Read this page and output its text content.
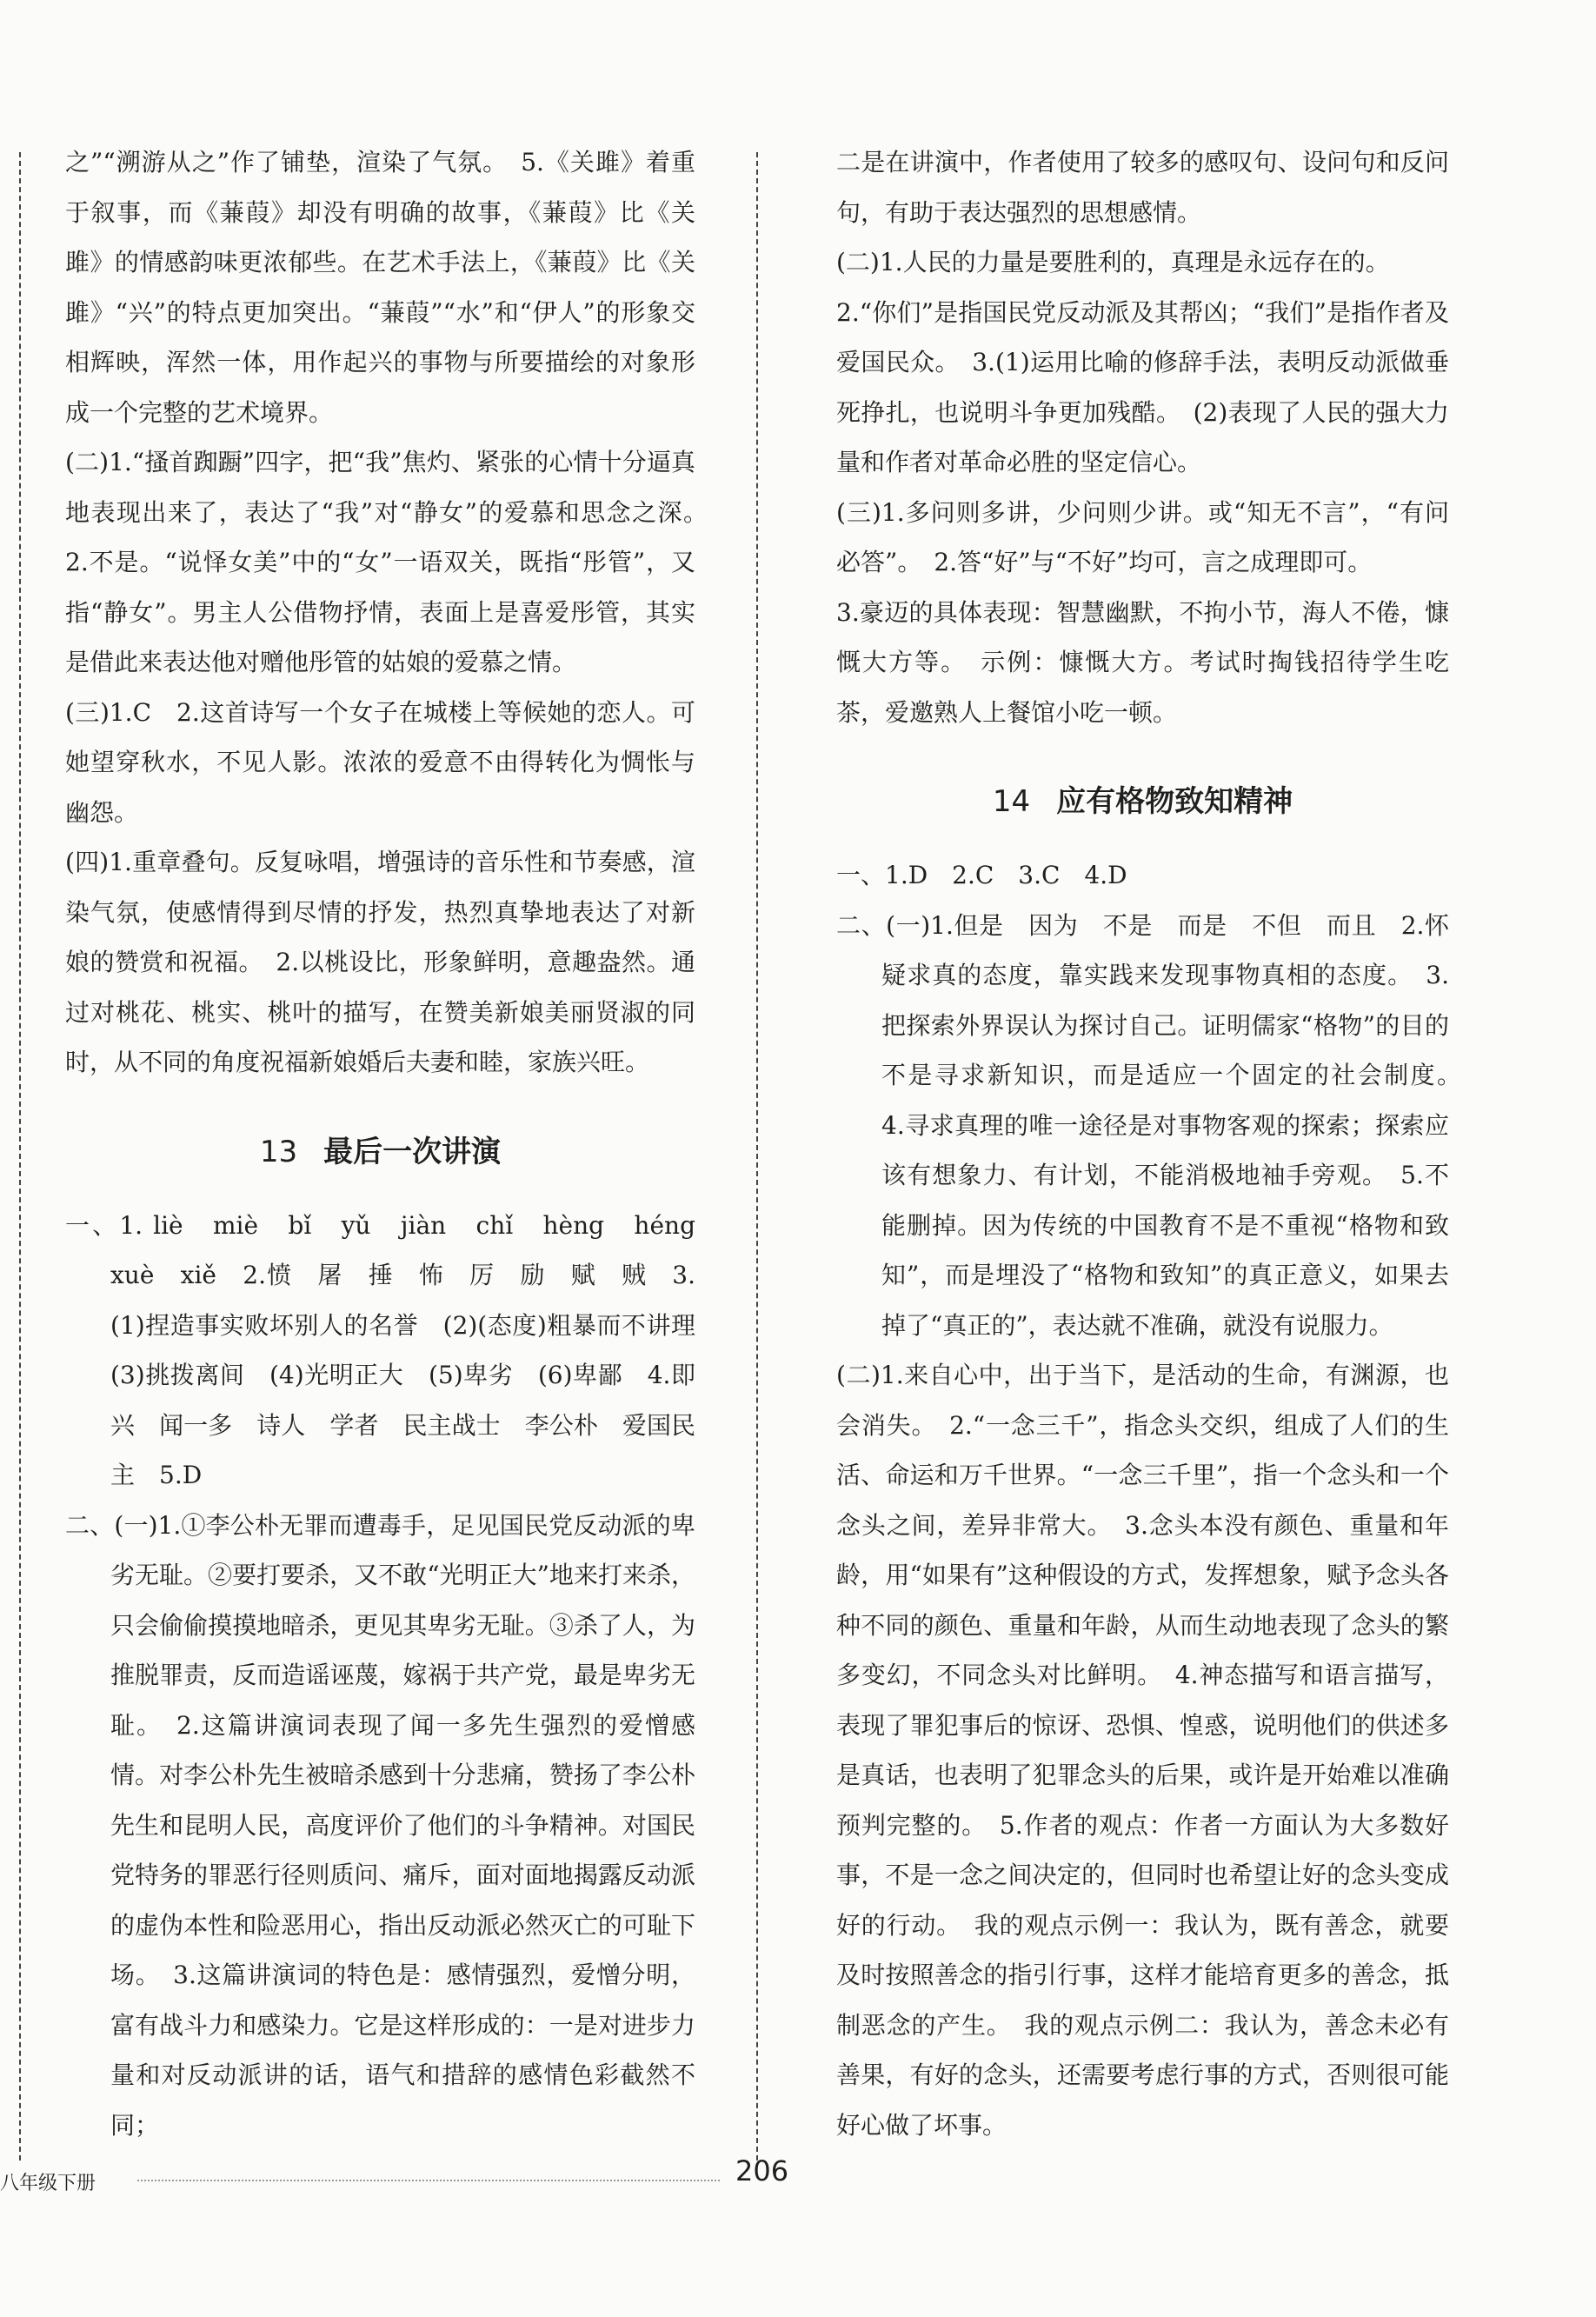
之”“溯游从之”作了铺垫，渲染了气氛。　5.《关雎》着重于叙事，而《蒹葭》却没有明确的故事，《蒹葭》比《关雎》的情感韵味更浓郁些。在艺术手法上，《蒹葭》比《关雎》“兴”的特点更加突出。“蒹葭”“水”和“伊人”的形象交相辉映，浑然一体，用作起兴的事物与所要描绘的对象形成一个完整的艺术境界。

(二)1.“搔首踟蹰”四字，把“我”焦灼、紧张的心情十分逼真地表现出来了，表达了“我”对“静女”的爱慕和思念之深。　2.不是。“说怿女美”中的“女”一语双关，既指“彤管”，又指“静女”。男主人公借物抒情，表面上是喜爱彤管，其实是借此来表达他对赠他彤管的姑娘的爱慕之情。

(三)1.C　2.这首诗写一个女子在城楼上等候她的恋人。可她望穿秋水，不见人影。浓浓的爱意不由得转化为惆怅与幽怨。

(四)1.重章叠句。反复咏唱，增强诗的音乐性和节奏感，渲染气氛，使感情得到尽情的抒发，热烈真挚地表达了对新娘的赞赏和祝福。　2.以桃设比，形象鲜明，意趣盎然。通过对桃花、桃实、桃叶的描写，在赞美新娘美丽贤淑的同时，从不同的角度祝福新娘婚后夫妻和睦，家族兴旺。

13 最后一次讲演

一、1. liè　miè　bǐ　yǔ　jiàn　chǐ　hèng　héng　xuè　xiě　2.愤　屠　捶　怖　厉　励　赋　贼　3.(1)捏造事实败坏别人的名誉　(2)(态度)粗暴而不讲理　(3)挑拨离间　(4)光明正大　(5)卑劣　(6)卑鄙　4.即兴　闻一多　诗人　学者　民主战士　李公朴　爱国民主　5.D

二、(一)1.①李公朴无罪而遭毒手，足见国民党反动派的卑劣无耻。②要打要杀，又不敢“光明正大”地来打来杀，只会偷偷摸摸地暗杀，更见其卑劣无耻。③杀了人，为推脱罪责，反而造谣诬蔑，嫁祸于共产党，最是卑劣无耻。　2.这篇讲演词表现了闻一多先生强烈的爱憎感情。对李公朴先生被暗杀感到十分悲痛，赞扬了李公朴先生和昆明人民，高度评价了他们的斗争精神。对国民党特务的罪恶行径则质问、痛斥，面对面地揭露反动派的虚伪本性和险恶用心，指出反动派必然灭亡的可耻下场。　3.这篇讲演词的特色是：感情强烈，爱憎分明，富有战斗力和感染力。它是这样形成的：一是对进步力量和对反动派讲的话，语气和措辞的感情色彩截然不同；

二是在讲演中，作者使用了较多的感叹句、设问句和反问句，有助于表达强烈的思想感情。

(二)1.人民的力量是要胜利的，真理是永远存在的。

2.“你们”是指国民党反动派及其帮凶；“我们”是指作者及爱国民众。　3.(1)运用比喻的修辞手法，表明反动派做垂死挣扎，也说明斗争更加残酷。　(2)表现了人民的强大力量和作者对革命必胜的坚定信心。

(三)1.多问则多讲，少问则少讲。或“知无不言”，“有问必答”。　2.答“好”与“不好”均可，言之成理即可。

3.豪迈的具体表现：智慧幽默，不拘小节，海人不倦，慷慨大方等。　示例：慷慨大方。考试时掏钱招待学生吃茶，爱邀熟人上餐馆小吃一顿。

14 应有格物致知精神

一、1.D　2.C　3.C　4.D

二、(一)1.但是　因为　不是　而是　不但　而且　2.怀疑求真的态度，靠实践来发现事物真相的态度。　3.把探索外界误认为探讨自己。证明儒家“格物”的目的不是寻求新知识，而是适应一个固定的社会制度。　4.寻求真理的唯一途径是对事物客观的探索；探索应该有想象力、有计划，不能消极地袖手旁观。　5.不能删掉。因为传统的中国教育不是不重视“格物和致知”，而是埋没了“格物和致知”的真正意义，如果去掉了“真正的”，表达就不准确，就没有说服力。

(二)1.来自心中，出于当下，是活动的生命，有渊源，也会消失。　2.“一念三千”，指念头交织，组成了人们的生活、命运和万千世界。“一念三千里”，指一个念头和一个念头之间，差异非常大。　3.念头本没有颜色、重量和年龄，用“如果有”这种假设的方式，发挥想象，赋予念头各种不同的颜色、重量和年龄，从而生动地表现了念头的繁多变幻，不同念头对比鲜明。　4.神态描写和语言描写，表现了罪犯事后的惊讶、恐惧、惶惑，说明他们的供述多是真话，也表明了犯罪念头的后果，或许是开始难以准确预判完整的。　5.作者的观点：作者一方面认为大多数好事，不是一念之间决定的，但同时也希望让好的念头变成好的行动。　我的观点示例一：我认为，既有善念，就要及时按照善念的指引行事，这样才能培育更多的善念，抵制恶念的产生。　我的观点示例二：我认为，善念未必有善果，有好的念头，还需要考虑行事的方式，否则很可能好心做了坏事。

八年级下册	206
